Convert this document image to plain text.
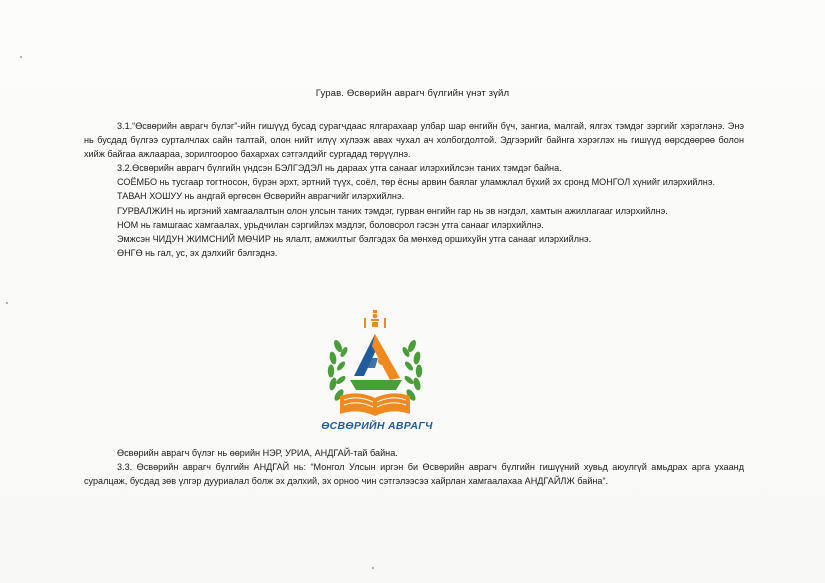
Гурав. Өсвөрийн аврагч бүлгийн үнэт зүйл

3.1.“Өсвөрийн аврагч бүлэг”-ийн гишүүд бусад сурагчдаас ялгарахаар улбар шар өнгийн бүч, зангиа, малгай, ялгэх тэмдэг зэргийг хэрэглэнэ. Энэ нь бусдад бүлгээ сурталчлах сайн талтай, олон нийт илүү хүлээж авах чухал ач холбогдолтой. Эдгээрийг байнга хэрэглэх нь гишүүд өөрсдөөрөө болон хийж байгаа ажлаараа, зорилгоороо бахархах сэтгэлдийг сургадад төрүүлнэ.

3.2.Өсвөрийн аврагч бүлгийн үндсэн БЭЛГЭДЭЛ нь дараах утга санааг илэрхийлсэн таних тэмдэг байна.

СОЁМБО нь тусгаар тогтносон, бүрэн эрхт, эртний түүх, соёл, төр ёсны арвин баялаг уламжлал бүхий эх сронд МОНГОЛ хүнийг илэрхийлнэ.

ТАВАН ХОШУУ нь андгай өргөсөн Өсвөрийн аврагчийг илэрхийлнэ.

ГУРВАЛЖИН нь иргэний хамгаалалтын олон улсын таних тэмдэг, гурван өнгийн гар нь эв нэгдэл, хамтын ажиллагааг илэрхийлнэ.

НОМ нь гамшгаас хамгаалах, урьдчилан сэргийлэх мэдлэг, боловсрол гэсэн утга санааг илэрхийлнэ.

Эмжсэн ЧИДУН ЖИМСНИЙ МӨЧИР нь ялалт, амжилтыг бэлгэдэх ба мөнхөд оршихуйн утга санааг илэрхийлнэ.

ӨНГӨ нь гал, ус, эх дэлхийг бэлгэднэ.

ӨСВӨРИЙН АВРАГЧ

Өсвөрийн аврагч бүлэг нь өөрийн НЭР, УРИА, АНДГАЙ-тай байна.

3.3. Өсвөрийн аврагч бүлгийн АНДГАЙ нь: “Монгол Улсын иргэн би Өсвөрийн аврагч бүлгийн гишүүний хувьд аюулгүй амьдрах арга ухаанд суралцаж, бусдад зөв үлгэр дууриалал болж эх дэлхий, эх орноо чин сэтгэлээсээ хайрлан хамгаалахаа АНДГАЙЛЖ байна”.
